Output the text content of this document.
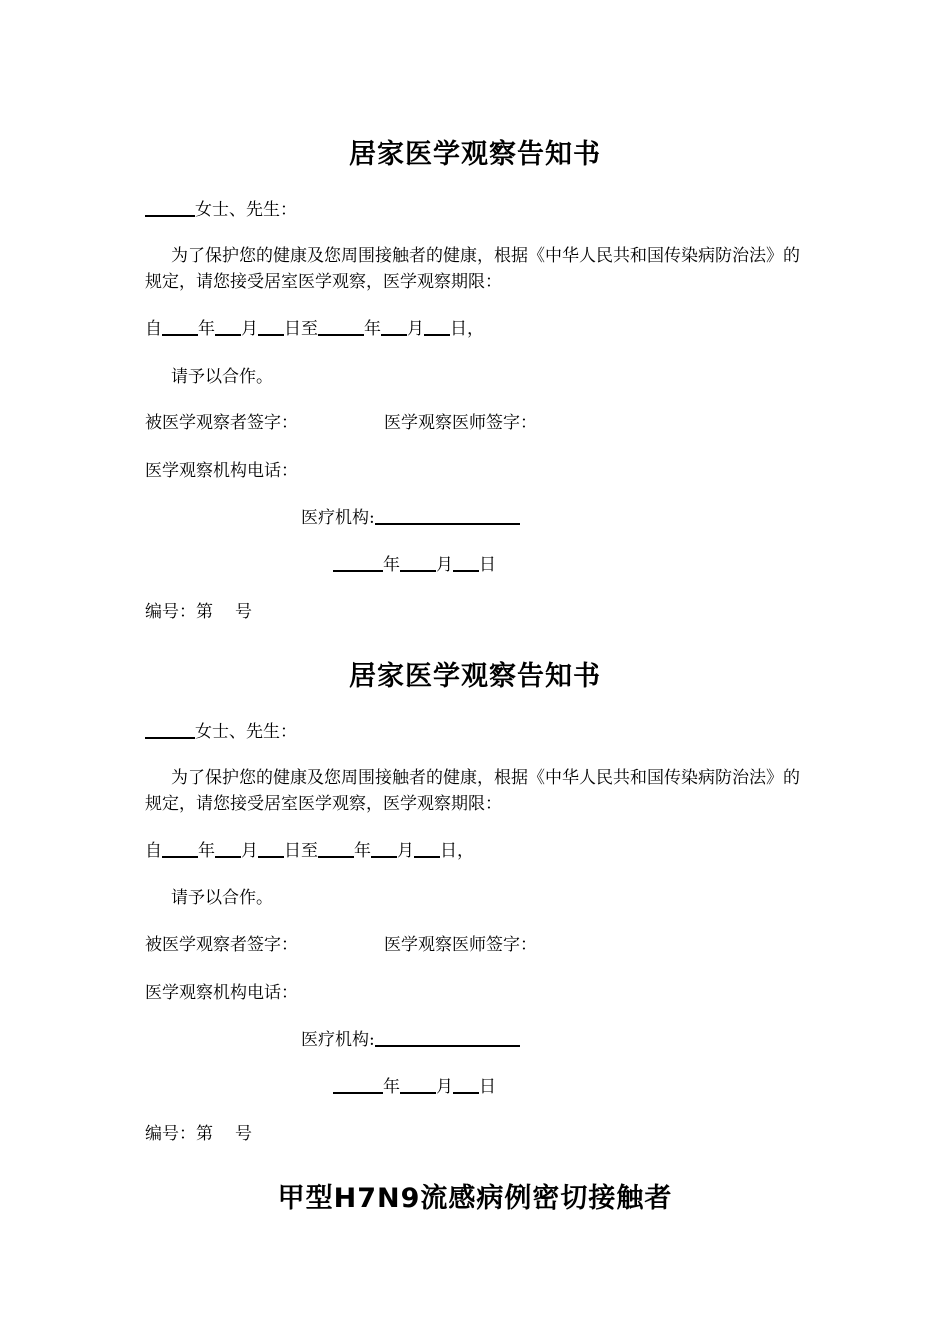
居家医学观察告知书

女士、先生：

为了保护您的健康及您周围接触者的健康，根据《中华人民共和国传染病防治法》的规定，请您接受居室医学观察，医学观察期限：

自 年 月 日至	年 月 日，

请予以合作。

被医学观察者签字：	医学观察医师签字：

医学观察机构电话：

医疗机构:

年 月 日

编号：第 号

居家医学观察告知书

女士、先生：

为了保护您的健康及您周围接触者的健康，根据《中华人民共和国传染病防治法》的规定，请您接受居室医学观察，医学观察期限：

自 年 月 日至 年 月 日，

请予以合作。

被医学观察者签字：	医学观察医师签字：

医学观察机构电话：

医疗机构:

年 月 日

编号：第 号

甲型H7N9流感病例密切接触者
